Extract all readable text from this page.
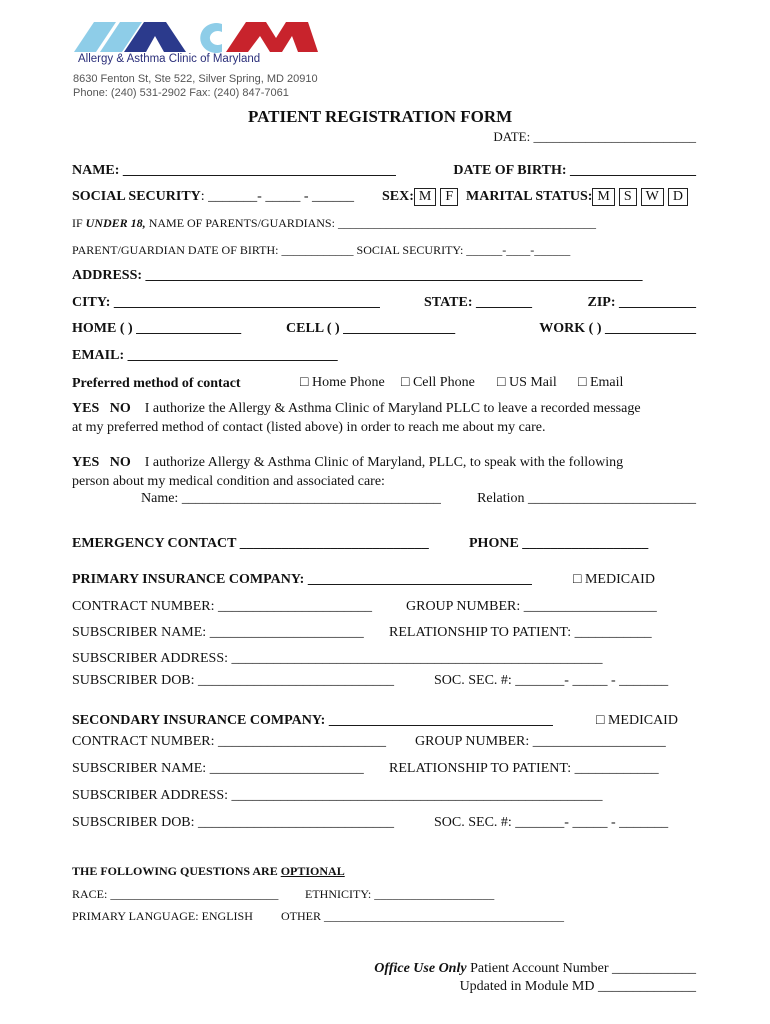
Allergy & Asthma Clinic of Maryland
8630 Fenton St, Ste 522, Silver Spring, MD 20910
Phone: (240) 531-2902 Fax: (240) 847-7061
PATIENT REGISTRATION FORM
DATE: _________________________
NAME: _______________________________________	DATE OF BIRTH: __________________
SOCIAL SECURITY: _______- _____ - ______ SEX: M F MARITAL STATUS: M S W D
IF UNDER 18, NAME OF PARENTS/GUARDIANS: ___________________________________________
PARENT/GUARDIAN DATE OF BIRTH: ____________ SOCIAL SECURITY: ______-____-______
ADDRESS: _______________________________________________________________________
CITY: ______________________________________	STATE: ________	ZIP: ___________
HOME ( ) _______________	CELL ( ) ________________	WORK ( ) _____________
EMAIL: ______________________________
Preferred method of contact	□ Home Phone □ Cell Phone □ US Mail □ Email
YES NO I authorize the Allergy & Asthma Clinic of Maryland PLLC to leave a recorded message
at my preferred method of contact (listed above) in order to reach me about my care.
YES NO I authorize Allergy & Asthma Clinic of Maryland, PLLC, to speak with the following
person about my medical condition and associated care:
Name: _____________________________________	Relation ________________________
EMERGENCY CONTACT ___________________________	PHONE __________________
PRIMARY INSURANCE COMPANY: ________________________________	□ MEDICAID
CONTRACT NUMBER: ______________________ GROUP NUMBER: ___________________
SUBSCRIBER NAME: ______________________ RELATIONSHIP TO PATIENT: ___________
SUBSCRIBER ADDRESS: _____________________________________________________
SUBSCRIBER DOB: ____________________________	SOC. SEC. #: _______- _____ - _______
SECONDARY INSURANCE COMPANY: ________________________________	□ MEDICAID
CONTRACT NUMBER: ________________________ GROUP NUMBER: ___________________
SUBSCRIBER NAME: ______________________ RELATIONSHIP TO PATIENT: ____________
SUBSCRIBER ADDRESS: _____________________________________________________
SUBSCRIBER DOB: ____________________________	SOC. SEC. #: _______- _____ - _______
THE FOLLOWING QUESTIONS ARE OPTIONAL
RACE: ____________________________ ETHNICITY: ____________________
PRIMARY LANGUAGE: ENGLISH OTHER ________________________________________
Office Use Only Patient Account Number ____________
Updated in Module MD ______________
